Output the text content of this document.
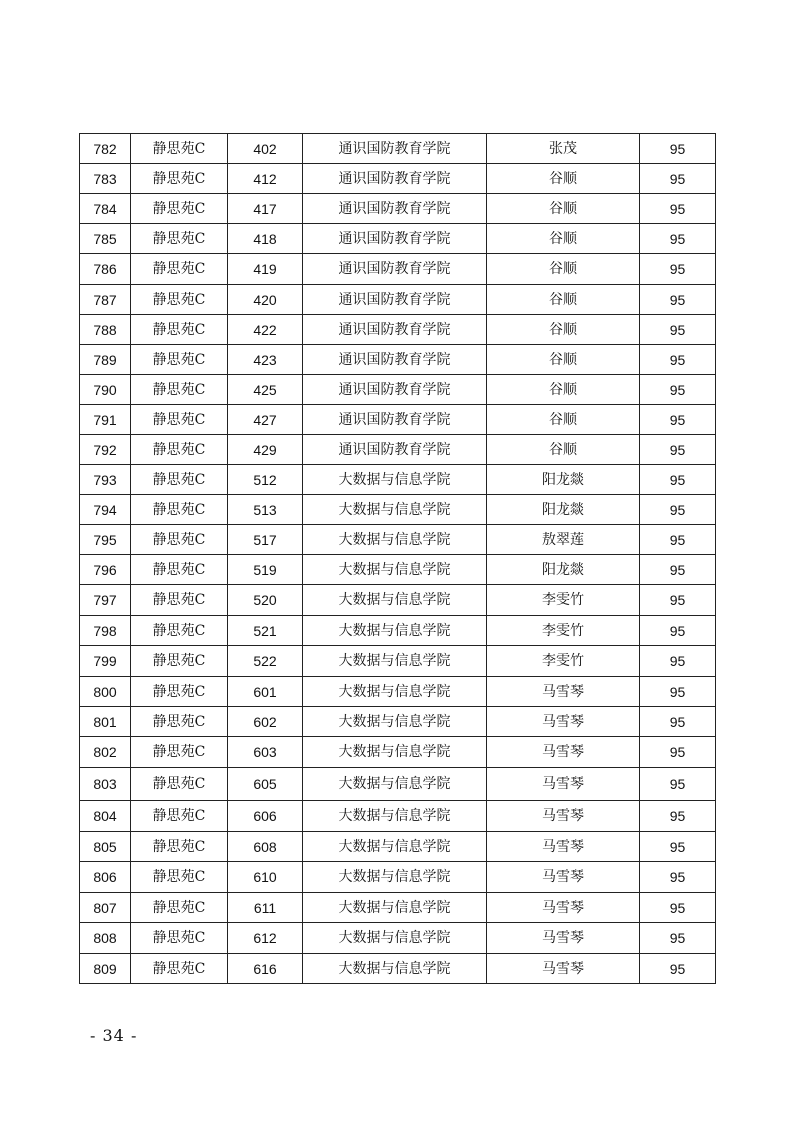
782	静思苑C	402	通识国防教育学院	张茂	95
783	静思苑C	412	通识国防教育学院	谷顺	95
784	静思苑C	417	通识国防教育学院	谷顺	95
785	静思苑C	418	通识国防教育学院	谷顺	95
786	静思苑C	419	通识国防教育学院	谷顺	95
787	静思苑C	420	通识国防教育学院	谷顺	95
788	静思苑C	422	通识国防教育学院	谷顺	95
789	静思苑C	423	通识国防教育学院	谷顺	95
790	静思苑C	425	通识国防教育学院	谷顺	95
791	静思苑C	427	通识国防教育学院	谷顺	95
792	静思苑C	429	通识国防教育学院	谷顺	95
793	静思苑C	512	大数据与信息学院	阳龙燚	95
794	静思苑C	513	大数据与信息学院	阳龙燚	95
795	静思苑C	517	大数据与信息学院	敖翠莲	95
796	静思苑C	519	大数据与信息学院	阳龙燚	95
797	静思苑C	520	大数据与信息学院	李雯竹	95
798	静思苑C	521	大数据与信息学院	李雯竹	95
799	静思苑C	522	大数据与信息学院	李雯竹	95
800	静思苑C	601	大数据与信息学院	马雪琴	95
801	静思苑C	602	大数据与信息学院	马雪琴	95
802	静思苑C	603	大数据与信息学院	马雪琴	95
803	静思苑C	605	大数据与信息学院	马雪琴	95
804	静思苑C	606	大数据与信息学院	马雪琴	95
805	静思苑C	608	大数据与信息学院	马雪琴	95
806	静思苑C	610	大数据与信息学院	马雪琴	95
807	静思苑C	611	大数据与信息学院	马雪琴	95
808	静思苑C	612	大数据与信息学院	马雪琴	95
809	静思苑C	616	大数据与信息学院	马雪琴	95
- 34 -
